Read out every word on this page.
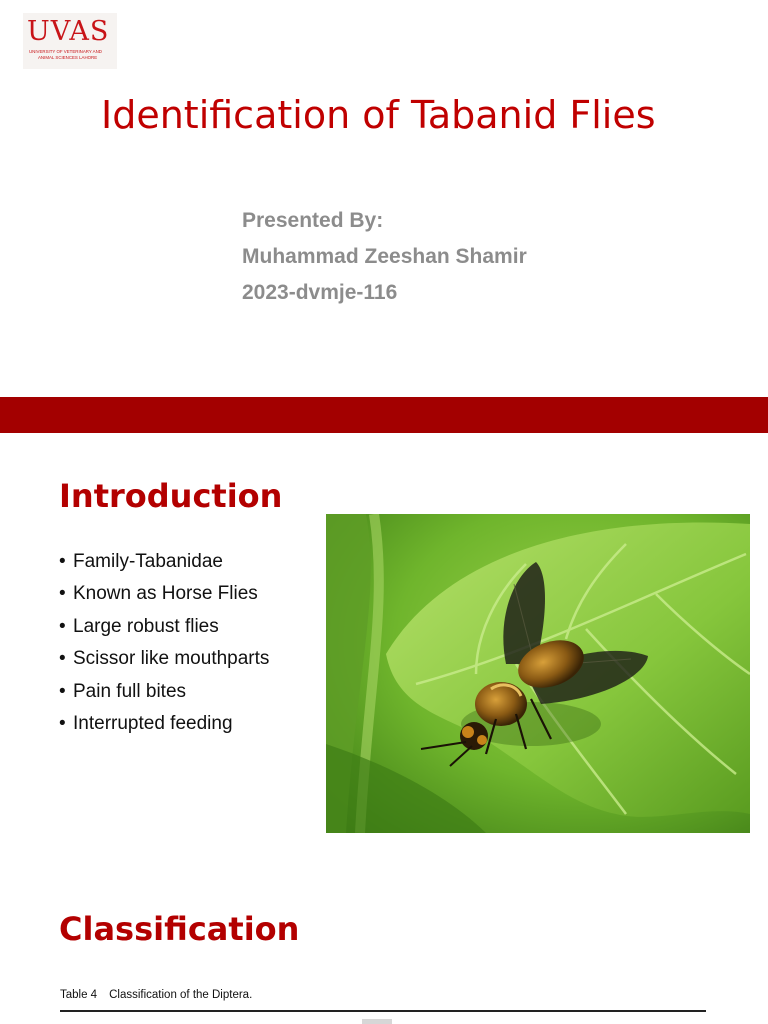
UVAS
UNIVERSITY OF VETERINARY AND
ANIMAL SCIENCES LAHORE
Identification of Tabanid Flies
Presented By:
Muhammad Zeeshan Shamir
2023-dvmje-116
Introduction
• Family-Tabanidae
• Known as Horse Flies
• Large robust flies
• Scissor like mouthparts
• Pain full bites
• Interrupted feeding
Classification
Table 4 Classification of the Diptera.
